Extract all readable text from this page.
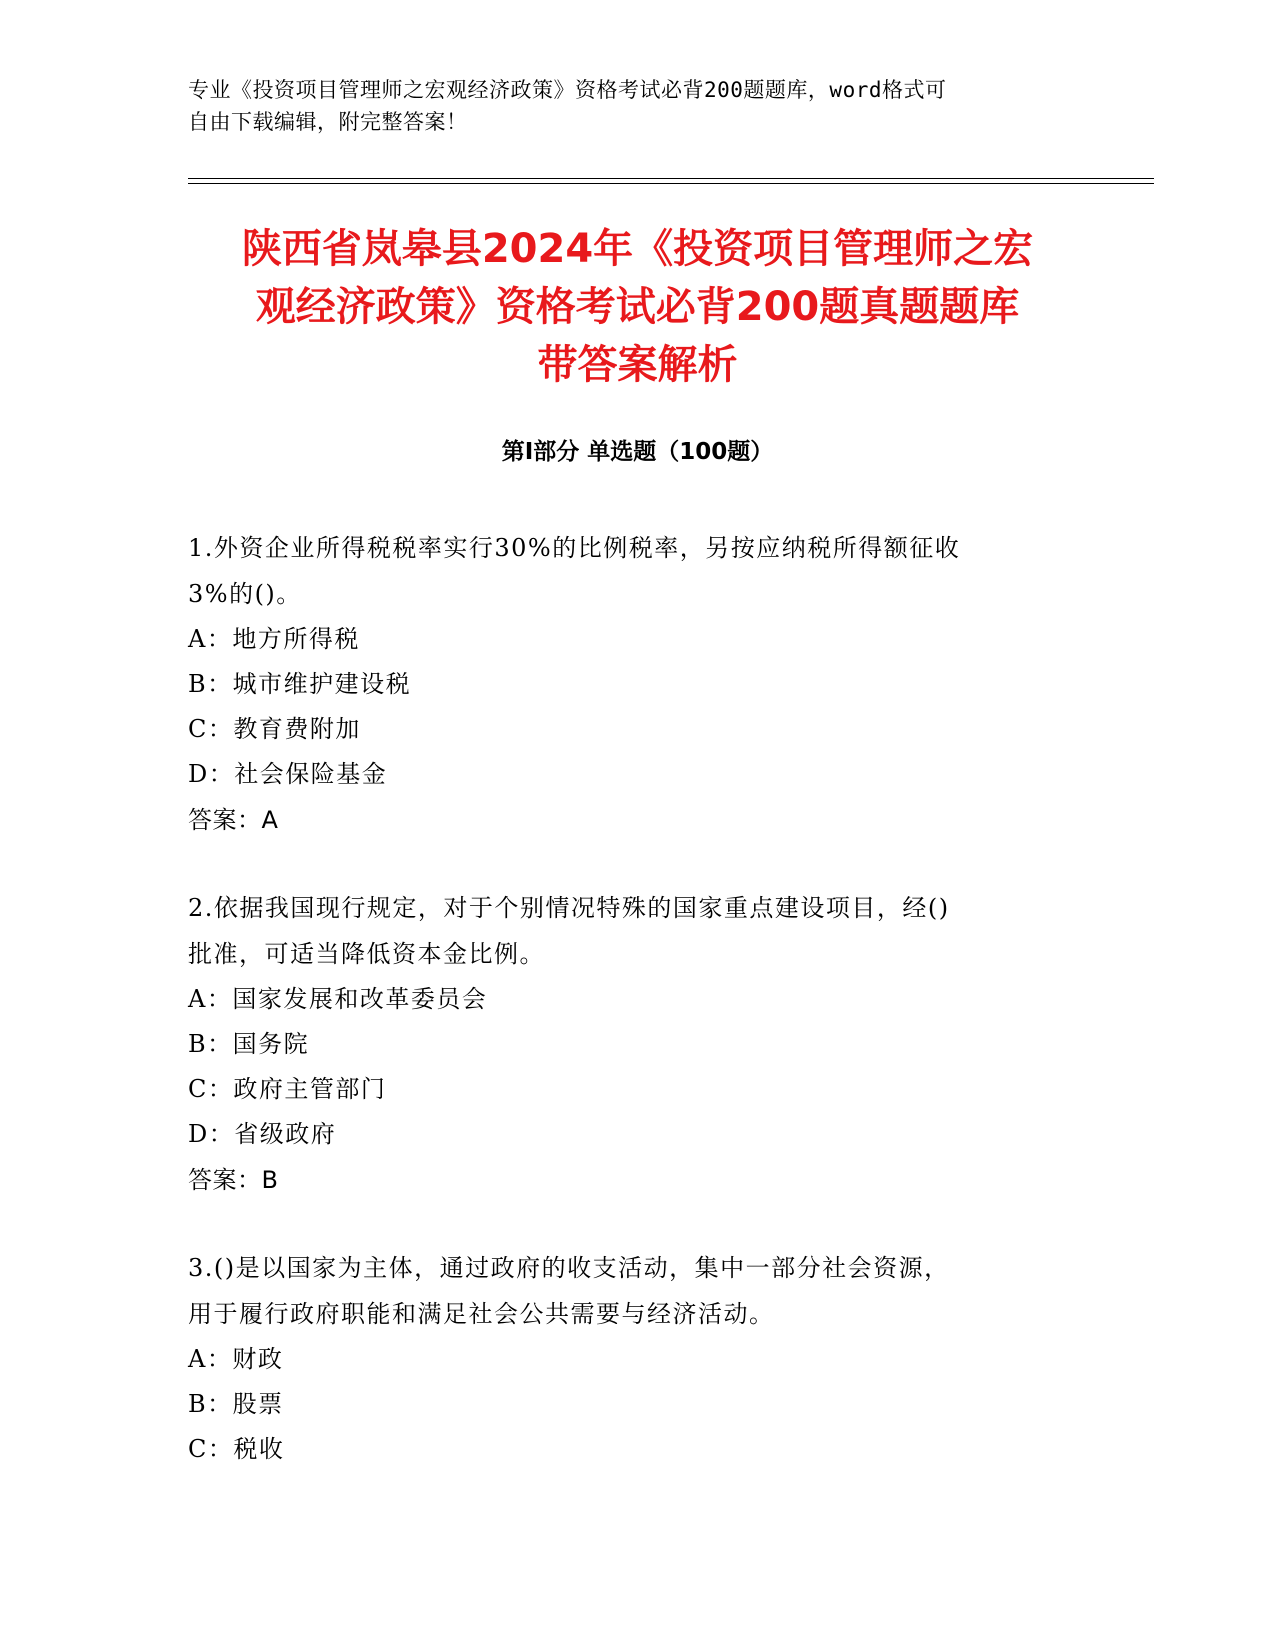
专业《投资项目管理师之宏观经济政策》资格考试必背200题题库，word格式可
自由下载编辑，附完整答案！
陕西省岚皋县2024年《投资项目管理师之宏
观经济政策》资格考试必背200题真题题库
带答案解析
第Ⅰ部分 单选题（100题）
1.外资企业所得税税率实行30%的比例税率，另按应纳税所得额征收
3%的()。
A：地方所得税
B：城市维护建设税
C：教育费附加
D：社会保险基金
答案：A
2.依据我国现行规定，对于个别情况特殊的国家重点建设项目，经()
批准，可适当降低资本金比例。
A：国家发展和改革委员会
B：国务院
C：政府主管部门
D：省级政府
答案：B
3.()是以国家为主体，通过政府的收支活动，集中一部分社会资源，
用于履行政府职能和满足社会公共需要与经济活动。
A：财政
B：股票
C：税收
